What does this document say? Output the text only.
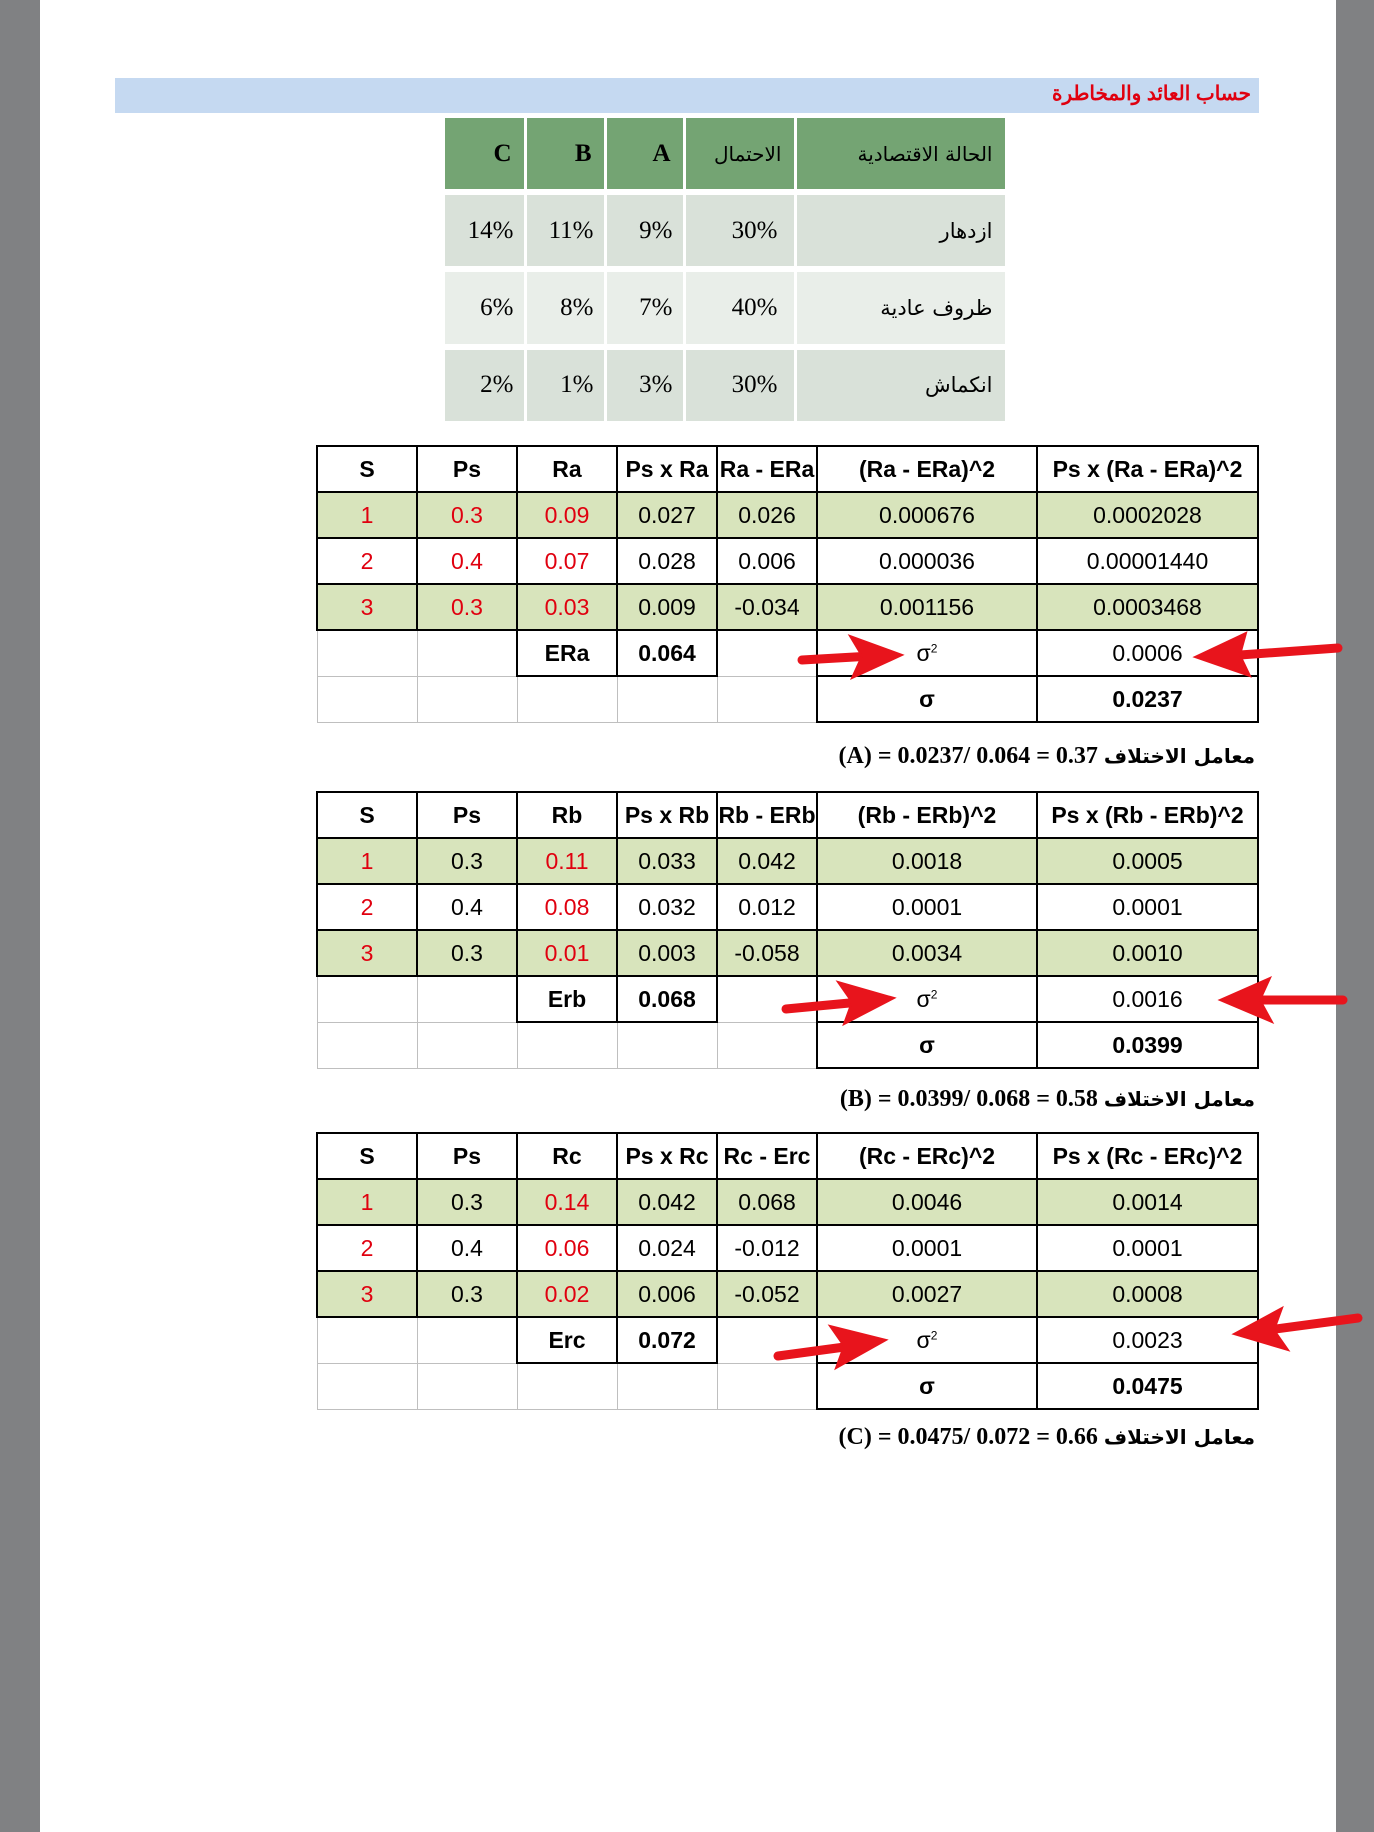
حساب العائد والمخاطرة
C	B	A	الاحتمال	الحالة الاقتصادية
14%	11%	9%	30%	ازدهار
6%	8%	7%	40%	ظروف عادية
2%	1%	3%	30%	انكماش
S	Ps	Ra	Ps x Ra	Ra - ERa	(Ra - ERa)^2	Ps x (Ra - ERa)^2
1	0.3	0.09	0.027	0.026	0.000676	0.0002028
2	0.4	0.07	0.028	0.006	0.000036	0.00001440
3	0.3	0.03	0.009	-0.034	0.001156	0.0003468
		ERa	0.064		$\sigma^2$	0.0006
					σ	0.0237
معامل الاختلاف (A) = 0.0237/ 0.064 = 0.37
S	Ps	Rb	Ps x Rb	Rb - ERb	(Rb - ERb)^2	Ps x (Rb - ERb)^2
1	0.3	0.11	0.033	0.042	0.0018	0.0005
2	0.4	0.08	0.032	0.012	0.0001	0.0001
3	0.3	0.01	0.003	-0.058	0.0034	0.0010
		Erb	0.068		$\sigma^2$	0.0016
					σ	0.0399
معامل الاختلاف (B) = 0.0399/ 0.068 = 0.58
S	Ps	Rc	Ps x Rc	Rc - Erc	(Rc - ERc)^2	Ps x (Rc - ERc)^2
1	0.3	0.14	0.042	0.068	0.0046	0.0014
2	0.4	0.06	0.024	-0.012	0.0001	0.0001
3	0.3	0.02	0.006	-0.052	0.0027	0.0008
		Erc	0.072		$\sigma^2$	0.0023
					σ	0.0475
معامل الاختلاف (C) = 0.0475/ 0.072 = 0.66
